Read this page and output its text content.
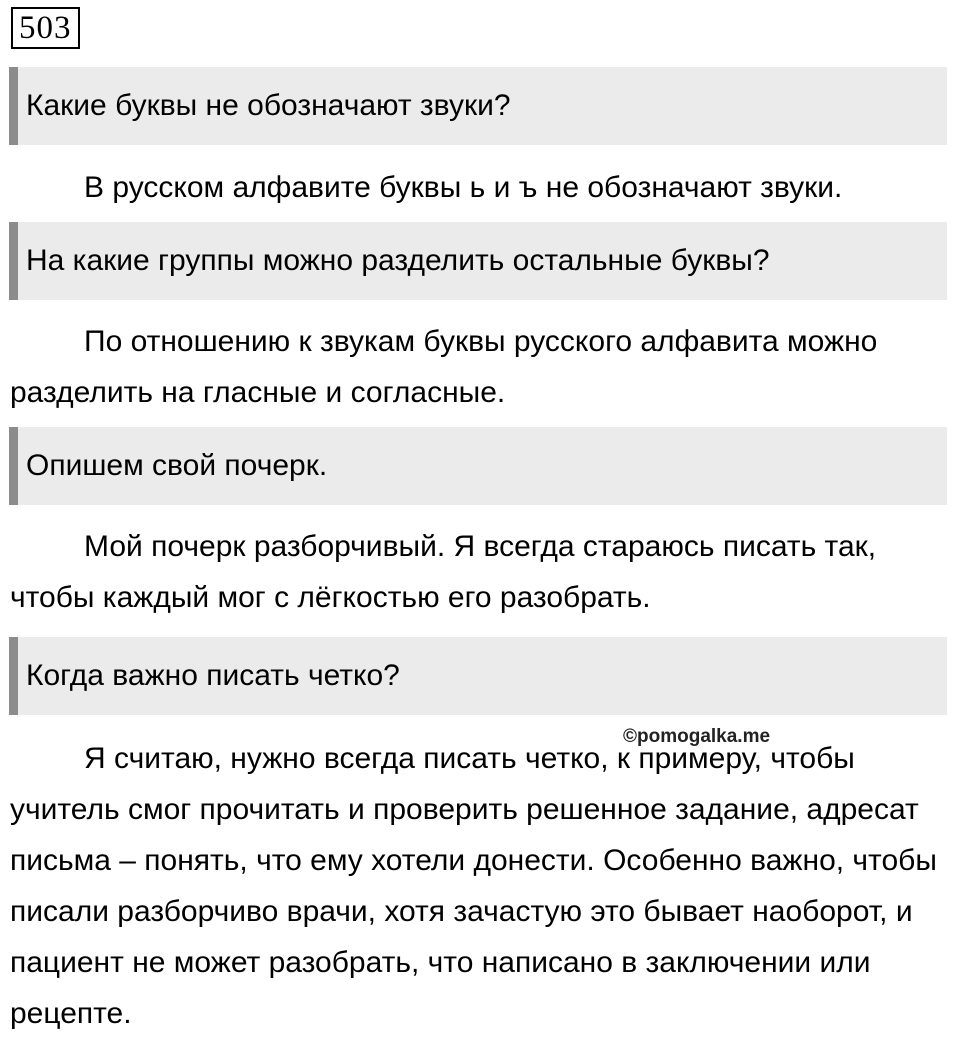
503
Какие буквы не обозначают звуки?

В русском алфавите буквы ь и ъ не обозначают звуки.

На какие группы можно разделить остальные буквы?

По отношению к звукам буквы русского алфавита можно разделить на гласные и согласные.

Опишем свой почерк.

Мой почерк разборчивый. Я всегда стараюсь писать так, чтобы каждый мог с лёгкостью его разобрать.

Когда важно писать четко?

Я считаю, нужно всегда писать четко, к примеру, чтобы учитель смог прочитать и проверить решенное задание, адресат письма – понять, что ему хотели донести. Особенно важно, чтобы писали разборчиво врачи, хотя зачастую это бывает наоборот, и пациент не может разобрать, что написано в заключении или рецепте.

©pomogalka.me
